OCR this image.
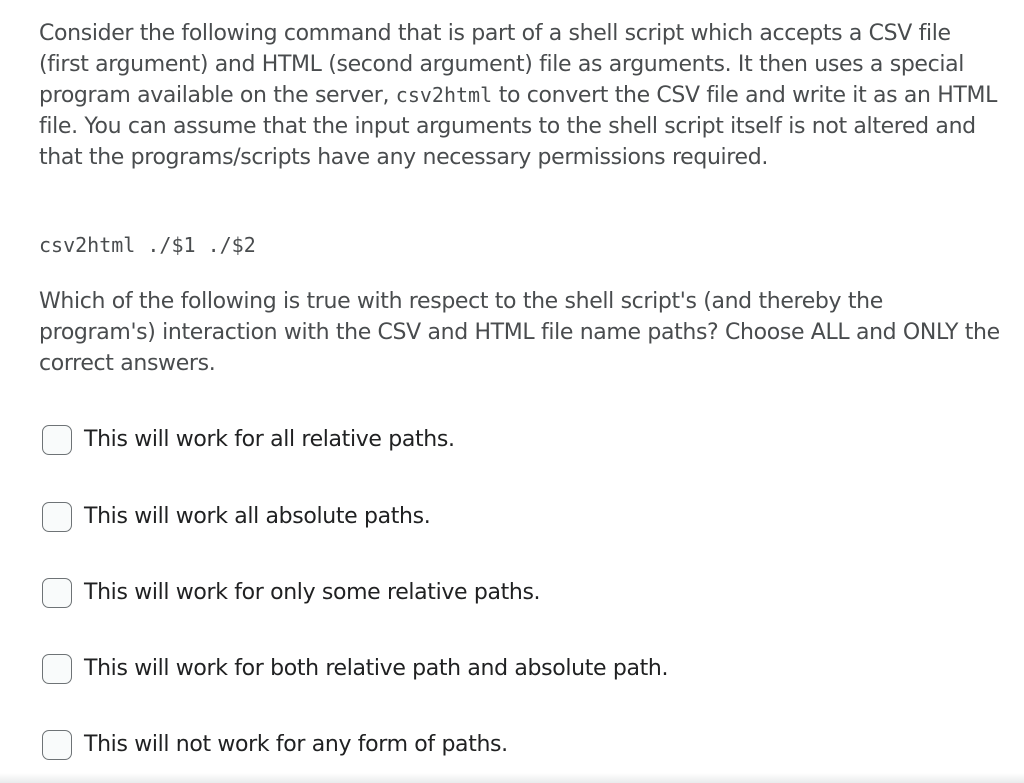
Consider the following command that is part of a shell script which accepts a CSV file (first argument) and HTML (second argument) file as arguments. It then uses a special program available on the server, csv2html to convert the CSV file and write it as an HTML file. You can assume that the input arguments to the shell script itself is not altered and that the programs/scripts have any necessary permissions required.

csv2html ./$1 ./$2

Which of the following is true with respect to the shell script's (and thereby the program's) interaction with the CSV and HTML file name paths? Choose ALL and ONLY the correct answers.

This will work for all relative paths.
This will work all absolute paths.
This will work for only some relative paths.
This will work for both relative path and absolute path.
This will not work for any form of paths.
